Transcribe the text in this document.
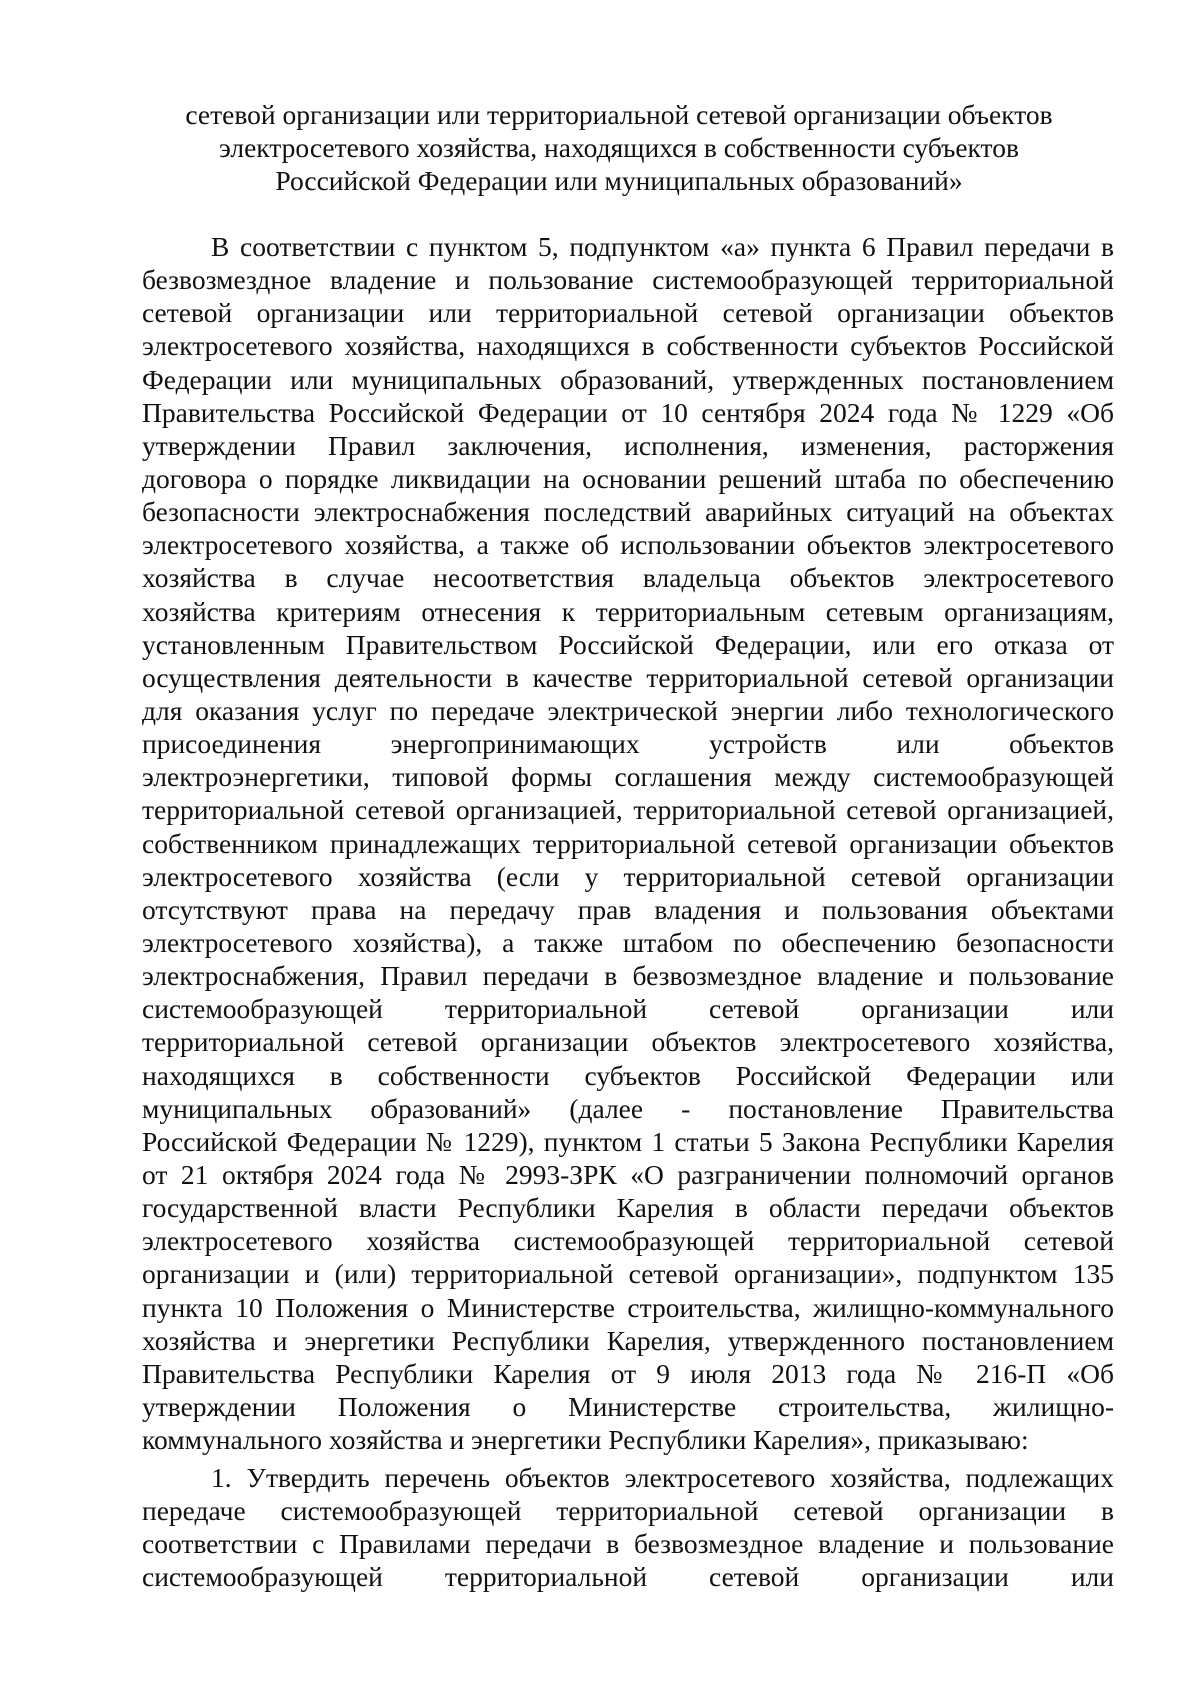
сетевой организации или территориальной сетевой организации объектов
электросетевого хозяйства, находящихся в собственности субъектов
Российской Федерации или муниципальных образований»
В соответствии с пунктом 5, подпунктом «а» пункта 6 Правил передачи в
безвозмездное владение и пользование системообразующей территориальной
сетевой организации или территориальной сетевой организации объектов
электросетевого хозяйства, находящихся в собственности субъектов Российской
Федерации или муниципальных образований, утвержденных постановлением
Правительства Российской Федерации от 10 сентября 2024 года № 1229 «Об
утверждении Правил заключения, исполнения, изменения, расторжения
договора о порядке ликвидации на основании решений штаба по обеспечению
безопасности электроснабжения последствий аварийных ситуаций на объектах
электросетевого хозяйства, а также об использовании объектов электросетевого
хозяйства в случае несоответствия владельца объектов электросетевого
хозяйства критериям отнесения к территориальным сетевым организациям,
установленным Правительством Российской Федерации, или его отказа от
осуществления деятельности в качестве территориальной сетевой организации
для оказания услуг по передаче электрической энергии либо технологического
присоединения энергопринимающих устройств или объектов
электроэнергетики, типовой формы соглашения между системообразующей
территориальной сетевой организацией, территориальной сетевой организацией,
собственником принадлежащих территориальной сетевой организации объектов
электросетевого хозяйства (если у территориальной сетевой организации
отсутствуют права на передачу прав владения и пользования объектами
электросетевого хозяйства), а также штабом по обеспечению безопасности
электроснабжения, Правил передачи в безвозмездное владение и пользование
системообразующей территориальной сетевой организации или
территориальной сетевой организации объектов электросетевого хозяйства,
находящихся в собственности субъектов Российской Федерации или
муниципальных образований» (далее - постановление Правительства
Российской Федерации № 1229), пунктом 1 статьи 5 Закона Республики Карелия
от 21 октября 2024 года № 2993-ЗРК «О разграничении полномочий органов
государственной власти Республики Карелия в области передачи объектов
электросетевого хозяйства системообразующей территориальной сетевой
организации и (или) территориальной сетевой организации», подпунктом 135
пункта 10 Положения о Министерстве строительства, жилищно-коммунального
хозяйства и энергетики Республики Карелия, утвержденного постановлением
Правительства Республики Карелия от 9 июля 2013 года № 216-П «Об
утверждении Положения о Министерстве строительства, жилищно-
коммунального хозяйства и энергетики Республики Карелия», приказываю:
1. Утвердить перечень объектов электросетевого хозяйства, подлежащих
передаче системообразующей территориальной сетевой организации в
соответствии с Правилами передачи в безвозмездное владение и пользование
системообразующей территориальной сетевой организации или
